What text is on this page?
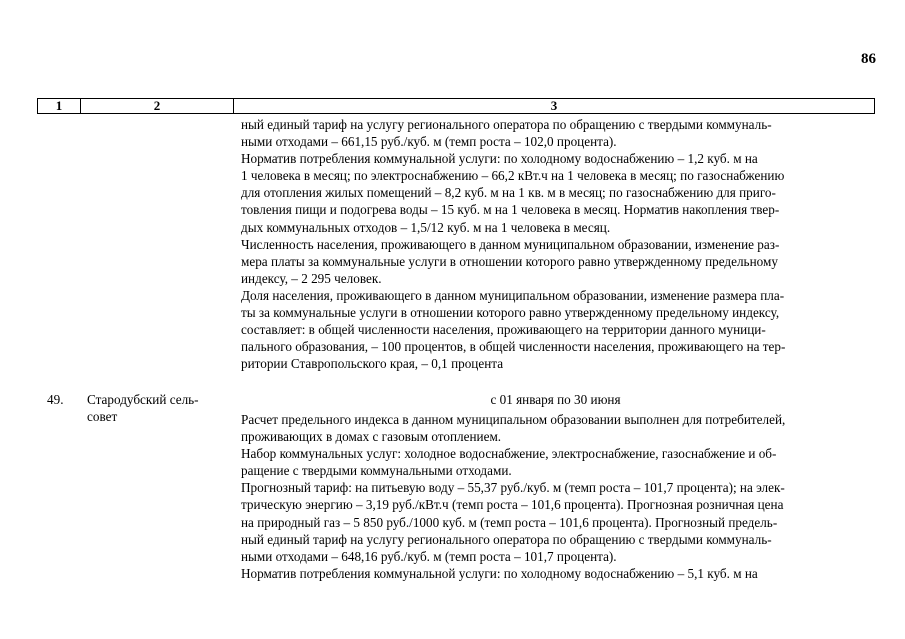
86
1	2	3
ный единый тариф на услугу регионального оператора по обращению с твердыми коммуналь-
ными отходами – 661,15 руб./куб. м (темп роста – 102,0 процента).
Норматив потребления коммунальной услуги: по холодному водоснабжению – 1,2 куб. м на
1 человека в месяц; по электроснабжению – 66,2 кВт.ч на 1 человека в месяц; по газоснабжению
для отопления жилых помещений – 8,2 куб. м на 1 кв. м в месяц; по газоснабжению для приго-
товления пищи и подогрева воды – 15 куб. м на 1 человека в месяц. Норматив накопления твер-
дых коммунальных отходов – 1,5/12 куб. м на 1 человека в месяц.
Численность населения, проживающего в данном муниципальном образовании, изменение раз-
мера платы за коммунальные услуги в отношении которого равно утвержденному предельному
индексу, – 2 295 человек.
Доля населения, проживающего в данном муниципальном образовании, изменение размера пла-
ты за коммунальные услуги в отношении которого равно утвержденному предельному индексу,
составляет: в общей численности населения, проживающего на территории данного муници-
пального образования, – 100 процентов, в общей численности населения, проживающего на тер-
ритории Ставропольского края, – 0,1 процента
49. Стародубский сель-
совет
с 01 января по 30 июня
Расчет предельного индекса в данном муниципальном образовании выполнен для потребителей,
проживающих в домах с газовым отоплением.
Набор коммунальных услуг: холодное водоснабжение, электроснабжение, газоснабжение и об-
ращение с твердыми коммунальными отходами.
Прогнозный тариф: на питьевую воду – 55,37 руб./куб. м (темп роста – 101,7 процента); на элек-
трическую энергию – 3,19 руб./кВт.ч (темп роста – 101,6 процента). Прогнозная розничная цена
на природный газ – 5 850 руб./1000 куб. м (темп роста – 101,6 процента). Прогнозный предель-
ный единый тариф на услугу регионального оператора по обращению с твердыми коммуналь-
ными отходами – 648,16 руб./куб. м (темп роста – 101,7 процента).
Норматив потребления коммунальной услуги: по холодному водоснабжению – 5,1 куб. м на
